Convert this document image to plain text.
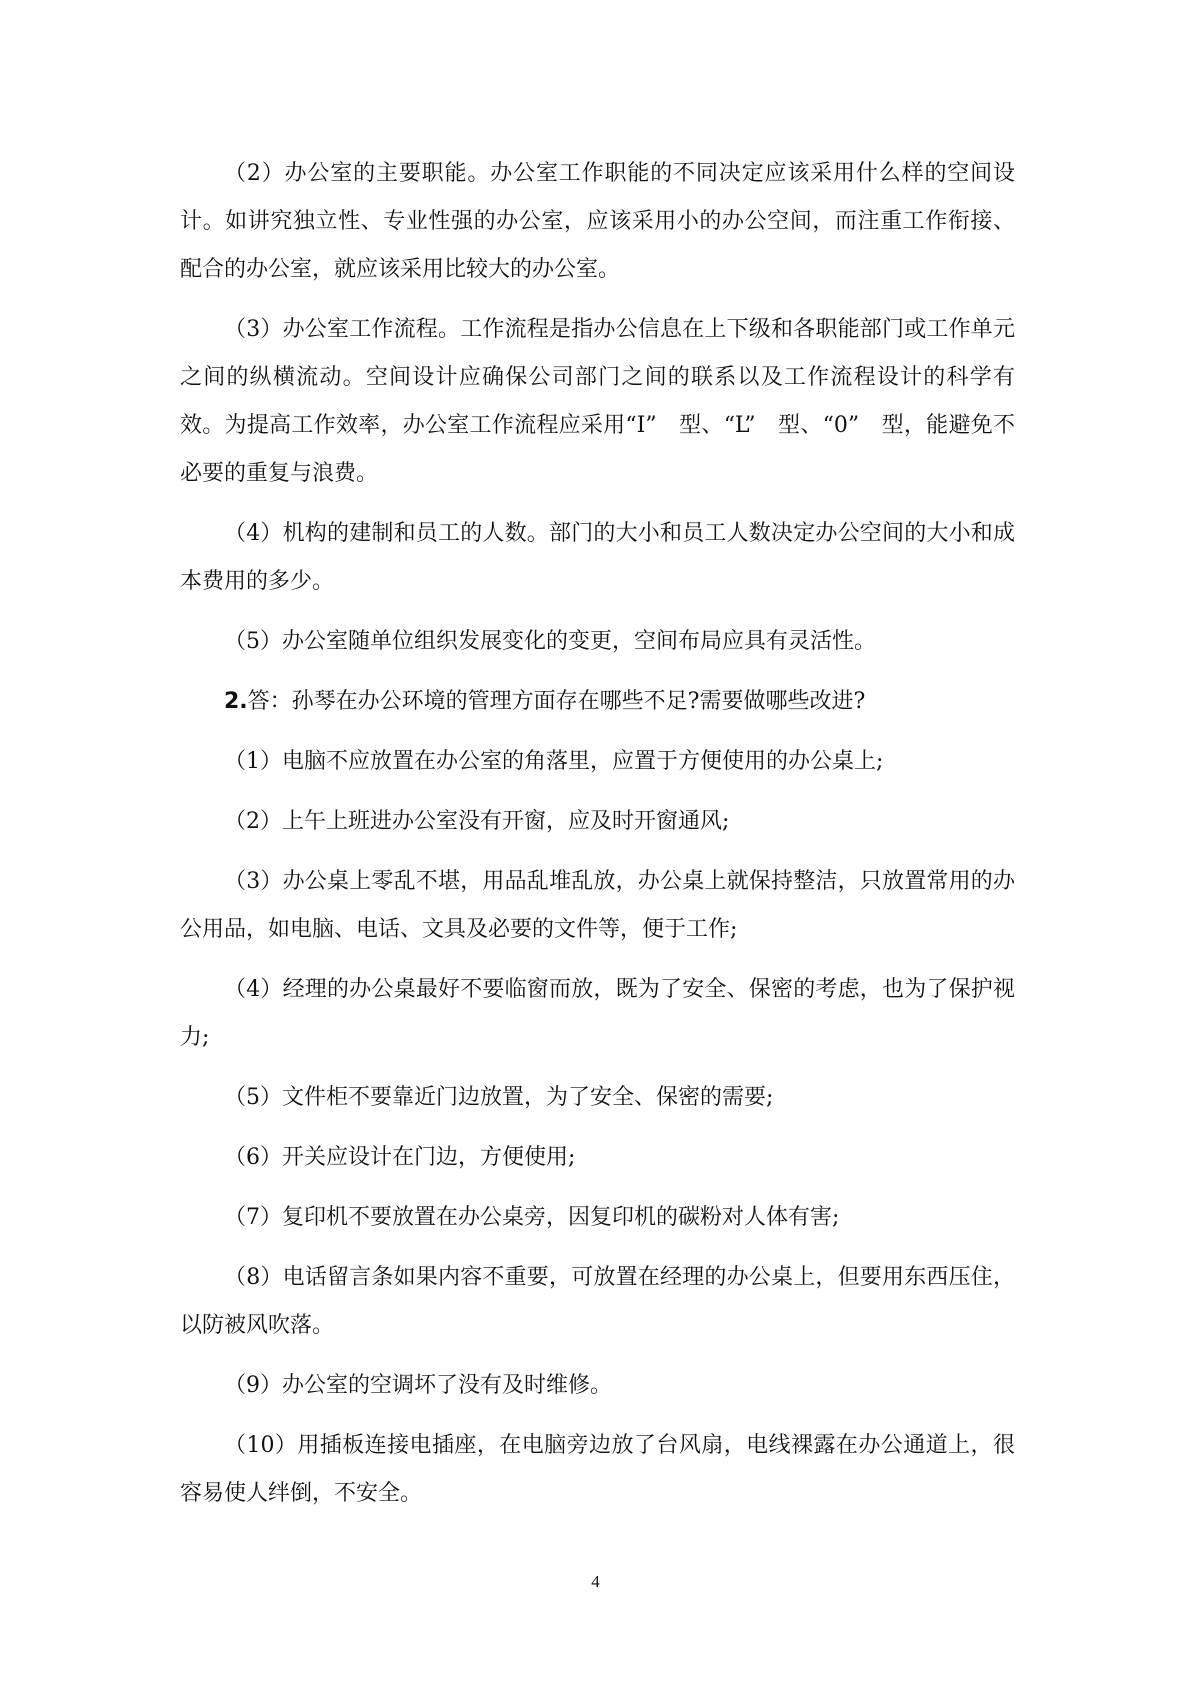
（2）办公室的主要职能。办公室工作职能的不同决定应该采用什么样的空间设计。如讲究独立性、专业性强的办公室，应该采用小的办公空间，而注重工作衔接、配合的办公室，就应该采用比较大的办公室。

（3）办公室工作流程。工作流程是指办公信息在上下级和各职能部门或工作单元之间的纵横流动。空间设计应确保公司部门之间的联系以及工作流程设计的科学有效。为提高工作效率，办公室工作流程应采用“I”　型、“L”　型、“0”　型，能避免不必要的重复与浪费。

（4）机构的建制和员工的人数。部门的大小和员工人数决定办公空间的大小和成本费用的多少。

（5）办公室随单位组织发展变化的变更，空间布局应具有灵活性。

2.答：孙琴在办公环境的管理方面存在哪些不足?需要做哪些改进?

（1）电脑不应放置在办公室的角落里，应置于方便使用的办公桌上;

（2）上午上班进办公室没有开窗，应及时开窗通风;

（3）办公桌上零乱不堪，用品乱堆乱放，办公桌上就保持整洁，只放置常用的办公用品，如电脑、电话、文具及必要的文件等，便于工作;

（4）经理的办公桌最好不要临窗而放，既为了安全、保密的考虑，也为了保护视力;

（5）文件柜不要靠近门边放置，为了安全、保密的需要;

（6）开关应设计在门边，方便使用;

（7）复印机不要放置在办公桌旁，因复印机的碳粉对人体有害;

（8）电话留言条如果内容不重要，可放置在经理的办公桌上，但要用东西压住，以防被风吹落。

（9）办公室的空调坏了没有及时维修。

（10）用插板连接电插座，在电脑旁边放了台风扇，电线裸露在办公通道上，很容易使人绊倒，不安全。

4
